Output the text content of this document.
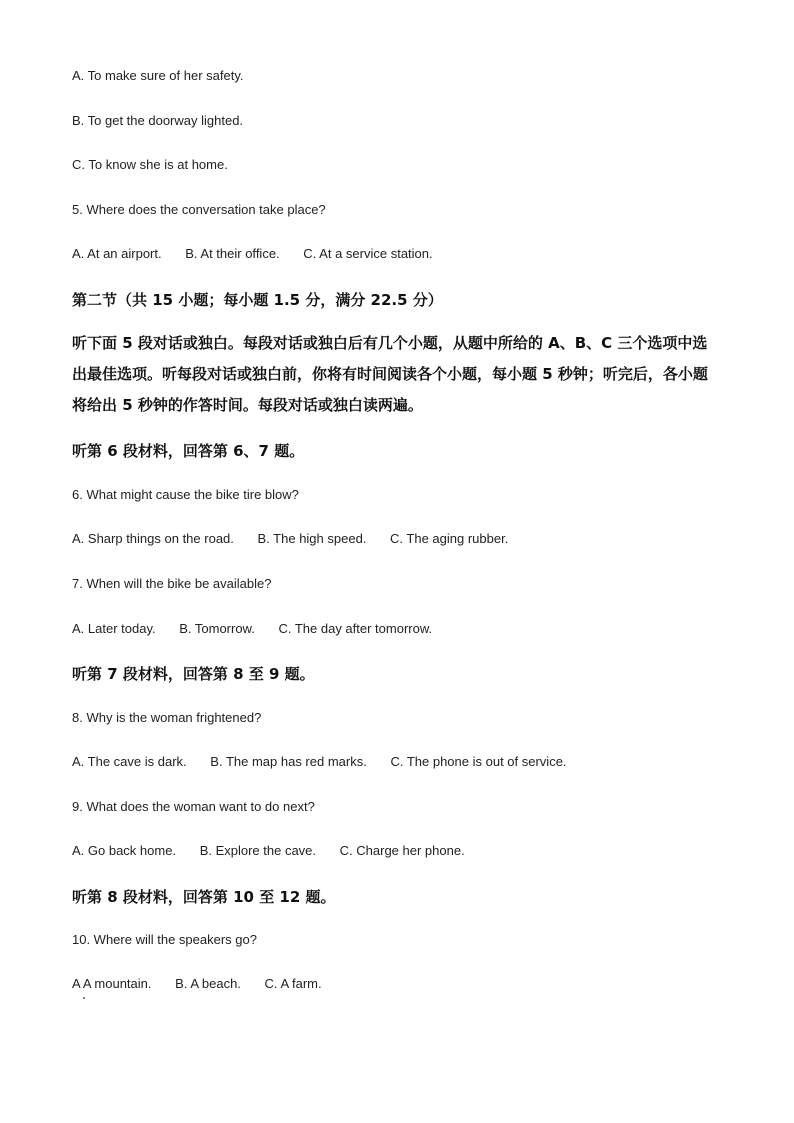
A. To make sure of her safety.
B. To get the doorway lighted.
C. To know she is at home.
5. Where does the conversation take place?
A. At an airport. B. At their office. C. At a service station.
第二节（共 15 小题；每小题 1.5 分，满分 22.5 分）
听下面 5 段对话或独白。每段对话或独白后有几个小题，从题中所给的 A、B、C 三个选项中选出最佳选项。听每段对话或独白前，你将有时间阅读各个小题，每小题 5 秒钟；听完后，各小题将给出 5 秒钟的作答时间。每段对话或独白读两遍。
听第 6 段材料，回答第 6、7 题。
6. What might cause the bike tire blow?
A. Sharp things on the road. B. The high speed. C. The aging rubber.
7. When will the bike be available?
A. Later today. B. Tomorrow. C. The day after tomorrow.
听第 7 段材料，回答第 8 至 9 题。
8. Why is the woman frightened?
A. The cave is dark. B. The map has red marks. C. The phone is out of service.
9. What does the woman want to do next?
A. Go back home. B. Explore the cave. C. Charge her phone.
听第 8 段材料，回答第 10 至 12 题。
10. Where will the speakers go?
A A mountain. B. A beach. C. A farm.
